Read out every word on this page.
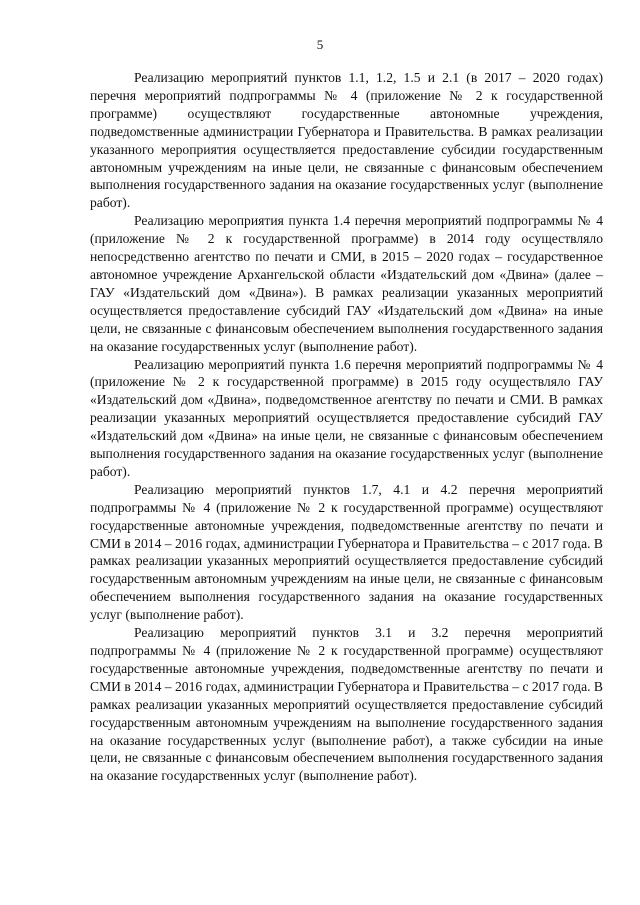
5

Реализацию мероприятий пунктов 1.1, 1.2, 1.5 и 2.1 (в 2017 – 2020 годах) перечня мероприятий подпрограммы № 4 (приложение № 2 к государственной программе) осуществляют государственные автономные учреждения, подведомственные администрации Губернатора и Правительства. В рамках реализации указанного мероприятия осуществляется предоставление субсидии государственным автономным учреждениям на иные цели, не связанные с финансовым обеспечением выполнения государственного задания на оказание государственных услуг (выполнение работ).

Реализацию мероприятия пункта 1.4 перечня мероприятий подпрограммы № 4 (приложение № 2 к государственной программе) в 2014 году осуществляло непосредственно агентство по печати и СМИ, в 2015 – 2020 годах – государственное автономное учреждение Архангельской области «Издательский дом «Двина» (далее – ГАУ «Издательский дом «Двина»). В рамках реализации указанных мероприятий осуществляется предоставление субсидий ГАУ «Издательский дом «Двина» на иные цели, не связанные с финансовым обеспечением выполнения государственного задания на оказание государственных услуг (выполнение работ).

Реализацию мероприятий пункта 1.6 перечня мероприятий подпрограммы № 4 (приложение № 2 к государственной программе) в 2015 году осуществляло ГАУ «Издательский дом «Двина», подведомственное агентству по печати и СМИ. В рамках реализации указанных мероприятий осуществляется предоставление субсидий ГАУ «Издательский дом «Двина» на иные цели, не связанные с финансовым обеспечением выполнения государственного задания на оказание государственных услуг (выполнение работ).

Реализацию мероприятий пунктов 1.7, 4.1 и 4.2 перечня мероприятий подпрограммы № 4 (приложение № 2 к государственной программе) осуществляют государственные автономные учреждения, подведомственные агентству по печати и СМИ в 2014 – 2016 годах, администрации Губернатора и Правительства – с 2017 года. В рамках реализации указанных мероприятий осуществляется предоставление субсидий государственным автономным учреждениям на иные цели, не связанные с финансовым обеспечением выполнения государственного задания на оказание государственных услуг (выполнение работ).

Реализацию мероприятий пунктов 3.1 и 3.2 перечня мероприятий подпрограммы № 4 (приложение № 2 к государственной программе) осуществляют государственные автономные учреждения, подведомственные агентству по печати и СМИ в 2014 – 2016 годах, администрации Губернатора и Правительства – с 2017 года. В рамках реализации указанных мероприятий осуществляется предоставление субсидий государственным автономным учреждениям на выполнение государственного задания на оказание государственных услуг (выполнение работ), а также субсидии на иные цели, не связанные с финансовым обеспечением выполнения государственного задания на оказание государственных услуг (выполнение работ).
